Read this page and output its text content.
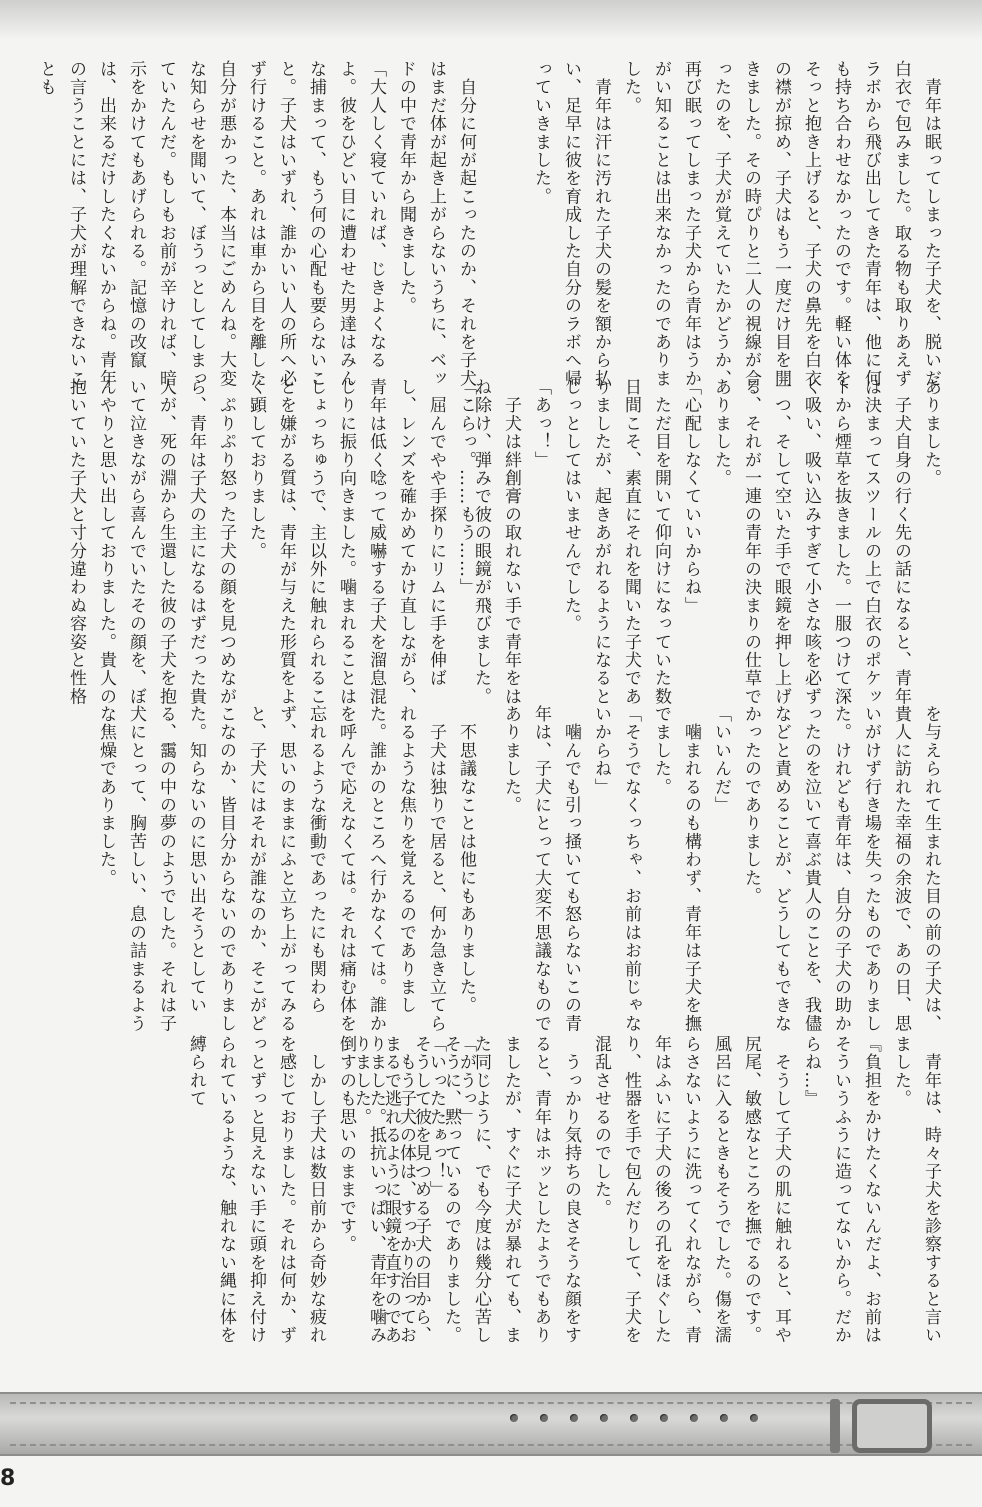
　青年は眠ってしまった子犬を、脱いだ白衣で包みました。取る物も取りあえずラボから飛び出してきた青年は、他に何も持ち合わせなかったのです。軽い体をそっと抱き上げると、子犬の鼻先を白衣の襟が掠め、子犬はもう一度だけ目を開きました。その時ぴりと二人の視線が合ったのを、子犬が覚えていたかどうか、再び眠ってしまった子犬から青年はうかがい知ることは出来なかったのでありました。
　青年は汗に汚れた子犬の髪を額から払い、足早に彼を育成した自分のラボへ帰っていきました。
　自分に何が起こったのか、それを子犬はまだ体が起き上がらないうちに、ベッドの中で青年から聞きました。
「大人しく寝ていれば、じきよくなるよ。彼をひどい目に遭わせた男達はみんな捕まって、もう何の心配も要らないこと。子犬はいずれ、誰かいい人の所へ必ず行けること。あれは車から目を離した自分が悪かった、本当にごめんね。大変な知らせを聞いて、ぼうっとしてしまっていたんだ。もしもお前が辛ければ、暗示をかけてもあげられる。記憶の改竄は、出来るだけしたくないからね。青年の言うことには、子犬が理解できないことも
ありました。
　子犬自身の行く先の話になると、青年は決まってスツールの上で白衣のポケットから煙草を抜きました。一服つけて深く吸い、吸い込みすぎて小さな咳を必ず一つ、そして空いた手で眼鏡を押し上げる、それが一連の青年の決まりの仕草でありました。
「心配しなくていいからね」
　ただ目を開いて仰向けになっていた数日間こそ、素直にそれを聞いた子犬でありましたが、起きあがれるようになるとじっとしてはいませんでした。
「あっ！」
　子犬は絆創膏の取れない手で青年をはね除け、弾みで彼の眼鏡が飛びました。
「こらっ。……もう……」
　屈んでやや手探りにリムに手を伸ばし、レンズを確かめてかけ直しながら、青年は低く唸って威嚇する子犬を溜息混じりに振り向きました。噛まれることはしょっちゅうで、主以外に触れられることを嫌がる質は、青年が与えた形質をよく顕しておりました。
　ぷりぷり怒った子犬の顔を見つめながら、青年は子犬の主になるはずだった貴人が、死の淵から生還した彼の子犬を抱いて泣きながら喜んでいたその顔を、ぼんやりと思い出しておりました。貴人の抱いていた子犬と寸分違わぬ容姿と性格
を与えられて生まれた目の前の子犬は、貴人に訪れた幸福の余波で、あの日、思いがけず行き場を失ったものでありました。けれども青年は、自分の子犬の助かったのを泣いて喜ぶ貴人のことを、我儘などと責めることが、どうしてもできなかったのでありました。
「いいんだ」
　噛まれるのも構わず、青年は子犬を撫でました。
「そうでなくっちゃ、お前はお前じゃないからね」
　噛んでも引っ掻いても怒らないこの青年は、子犬にとって大変不思議なものでありました。
　不思議なことは他にもありました。
　子犬は独りで居ると、何か急き立てられるような焦りを覚えるのでありました。誰かのところへ行かなくては。誰かを呼んで応えなくては。それは痛む体を忘れるような衝動であったにも関わらず、思いのままにふと立ち上がってみると、子犬にはそれが誰なのか、そこがどこなのか、皆目分からないのでありました。知らないのに思い出そうとしている、靄の中の夢のようでした。それは子犬にとって、胸苦しい、息の詰まるような焦燥でありました。
　青年は、時々子犬を診察すると言いました。
『負担をかけたくないんだよ、お前はそういうふうに造ってないから。だからね…』
　そうして子犬の肌に触れると、耳や尻尾、敏感なところを撫でるのです。風呂に入るときもそうでした。傷を濡らさないように洗ってくれながら、青年はふいに子犬の後ろの孔をほぐしたり、性器を手で包んだりして、子犬を混乱させるのでした。
　うっかり気持ちの良さそうな顔をすると、青年はホッとしたようでもありましたが、すぐに子犬が暴れても、また同じように、でも今度は幾分心苦しそうに、黙っているのでありました。そうして彼を見つめる子犬の目から、まるで逃れるように眼鏡を直すのでありました。	「がうっ」
「いったたぁっ！」
　もう子犬の体は、すっかり治っておりました。抵抗いっぱい、青年を噛み倒すのも思いのままです。
　しかし子犬は数日前から奇妙な疲れを感じておりました。それは何か、ずっとずっと見えない手に頭を抑え付けられているような、触れない縄に体を縛られて
8
